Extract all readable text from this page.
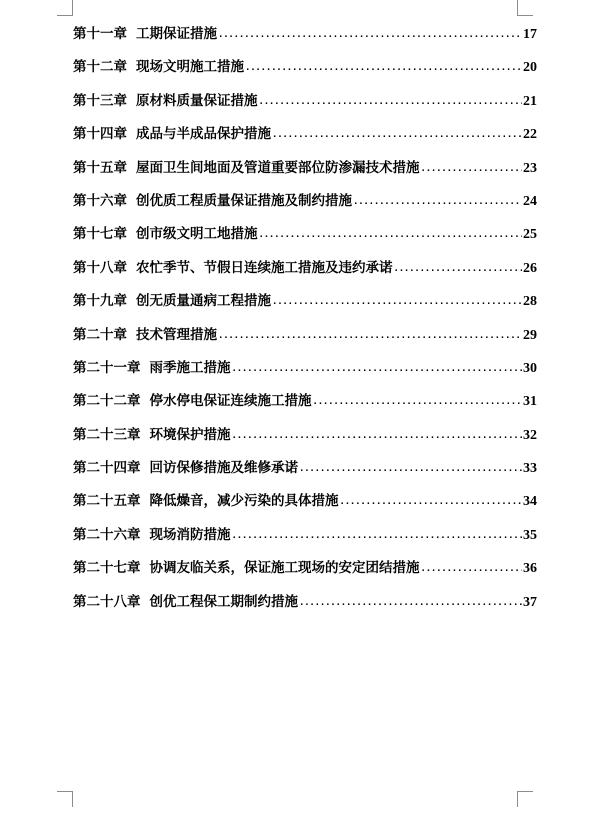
第十一章 工期保证措施 .....	17
第十二章 现场文明施工措施 .....	20
第十三章 原材料质量保证措施 .....	21
第十四章 成品与半成品保护措施 .....	22
第十五章 屋面卫生间地面及管道重要部位防渗漏技术措施 .....	23
第十六章 创优质工程质量保证措施及制约措施 .....	24
第十七章 创市级文明工地措施 .....	25
第十八章 农忙季节、节假日连续施工措施及违约承诺 .....	26
第十九章 创无质量通病工程措施 .....	28
第二十章 技术管理措施 .....	29
第二十一章 雨季施工措施 .....	30
第二十二章 停水停电保证连续施工措施 .....	31
第二十三章 环境保护措施 .....	32
第二十四章 回访保修措施及维修承诺 .....	33
第二十五章 降低燥音，减少污染的具体措施 .....	34
第二十六章 现场消防措施 .....	35
第二十七章 协调友临关系，保证施工现场的安定团结措施 .....	36
第二十八章 创优工程保工期制约措施 .....	37
